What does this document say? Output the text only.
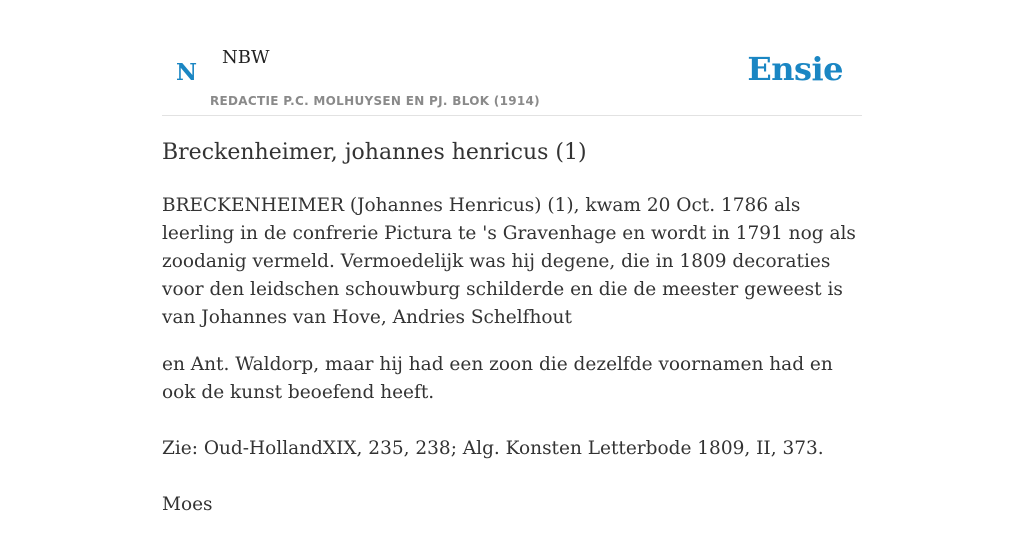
N
NBW
REDACTIE P.C. MOLHUYSEN EN PJ. BLOK (1914)
Ensie
Breckenheimer, johannes henricus (1)

BRECKENHEIMER (Johannes Henricus) (1), kwam 20 Oct. 1786 als leerling in de confrerie Pictura te 's Gravenhage en wordt in 1791 nog als zoodanig vermeld. Vermoedelijk was hij degene, die in 1809 decoraties voor den leidschen schouwburg schilderde en die de meester geweest is van Johannes van Hove, Andries Schelfhout

en Ant. Waldorp, maar hij had een zoon die dezelfde voornamen had en ook de kunst beoefend heeft.

Zie: Oud-HollandXIX, 235, 238; Alg. Konsten Letterbode 1809, II, 373.

Moes
